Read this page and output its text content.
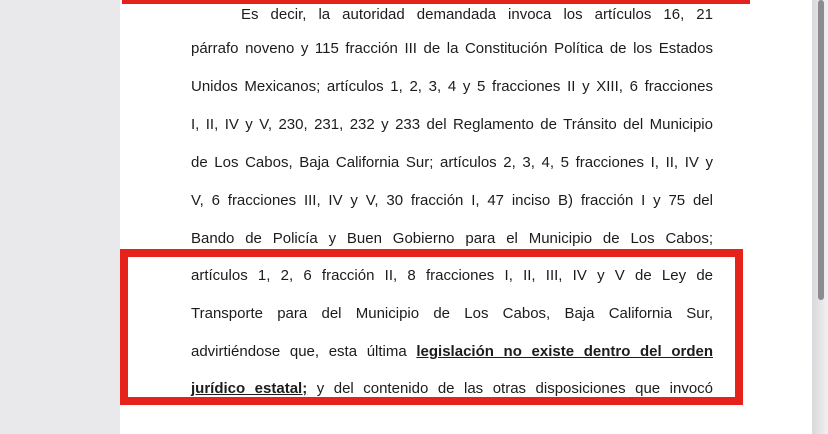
Es decir, la autoridad demandada invoca los artículos 16, 21
párrafo noveno y 115 fracción III de la Constitución Política de los Estados
Unidos Mexicanos; artículos 1, 2, 3, 4 y 5 fracciones II y XIII, 6 fracciones
I, II, IV y V, 230, 231, 232 y 233 del Reglamento de Tránsito del Municipio
de Los Cabos, Baja California Sur; artículos 2, 3, 4, 5 fracciones I, II, IV y
V, 6 fracciones III, IV y V, 30 fracción I, 47 inciso B) fracción I y 75 del
Bando de Policía y Buen Gobierno para el Municipio de Los Cabos;
artículos 1, 2, 6 fracción II, 8 fracciones I, II, III, IV y V de Ley de
Transporte para del Municipio de Los Cabos, Baja California Sur,
advirtiéndose que, esta última legislación no existe dentro del orden
jurídico estatal; y del contenido de las otras disposiciones que invocó
